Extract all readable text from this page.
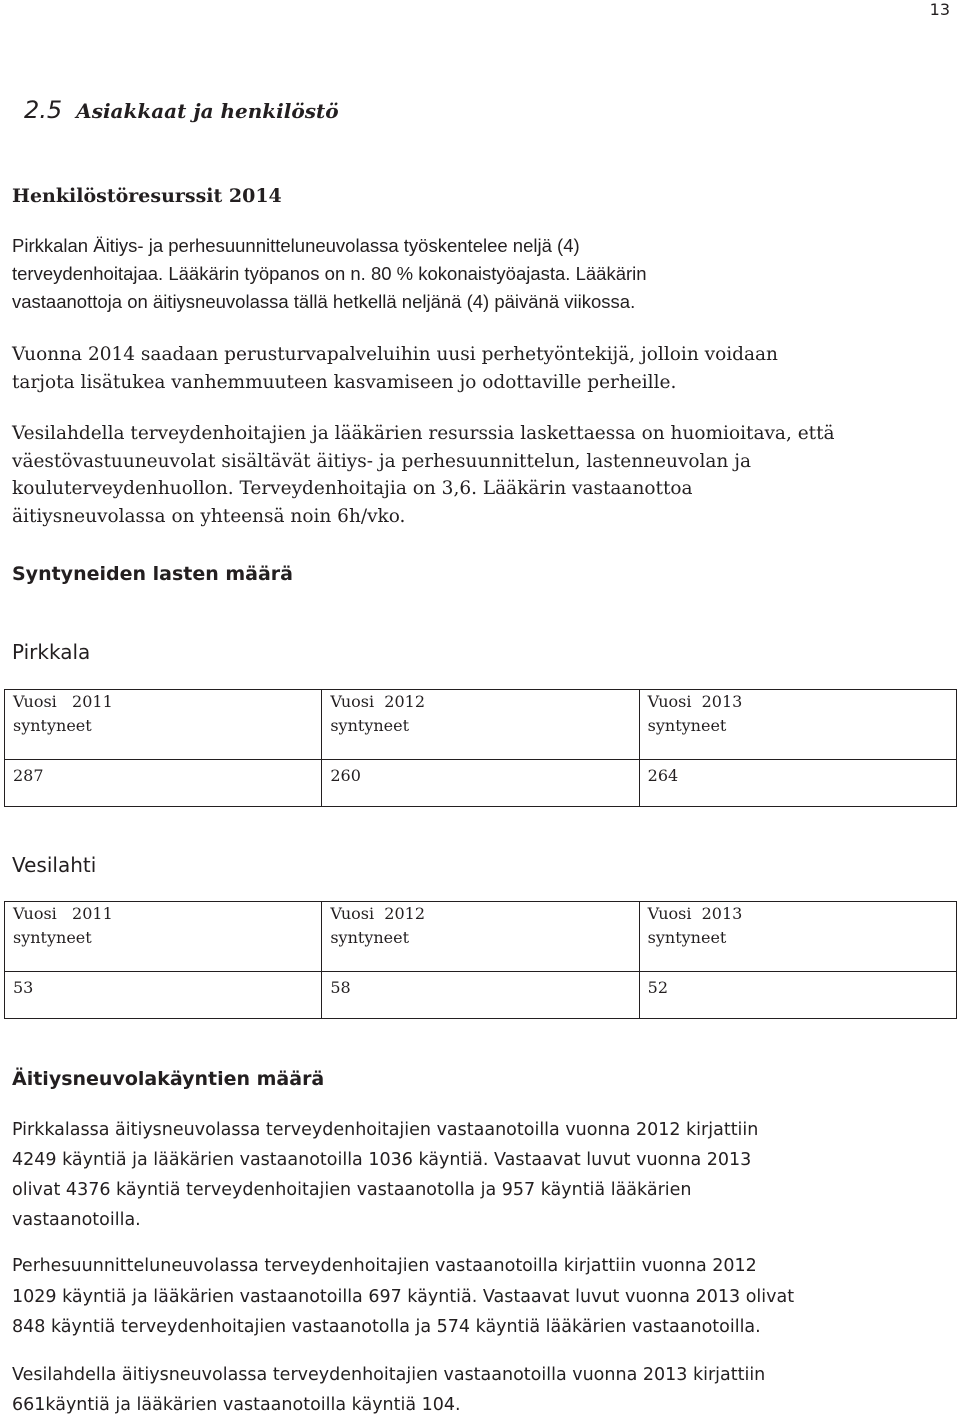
13
2.5 Asiakkaat ja henkilöstö
Henkilöstöresurssit 2014
Pirkkalan Äitiys- ja perhesuunnitteluneuvolassa työskentelee neljä (4)
terveydenhoitajaa. Lääkärin työpanos on n. 80 % kokonaistyöajasta. Lääkärin
vastaanottoja on äitiysneuvolassa tällä hetkellä neljänä (4) päivänä viikossa.
Vuonna 2014 saadaan perusturvapalveluihin uusi perhetyöntekijä, jolloin voidaan
tarjota lisätukea vanhemmuuteen kasvamiseen jo odottaville perheille.
Vesilahdella terveydenhoitajien ja lääkärien resurssia laskettaessa on huomioitava, että
väestövastuuneuvolat sisältävät äitiys- ja perhesuunnittelun, lastenneuvolan ja
kouluterveydenhuollon. Terveydenhoitajia on 3,6. Lääkärin vastaanottoa
äitiysneuvolassa on yhteensä noin 6h/vko.
Syntyneiden lasten määrä
Pirkkala
Vuosi   2011
syntyneet	Vuosi  2012
syntyneet	Vuosi  2013
syntyneet

287	260	264
Vesilahti
Vuosi   2011
syntyneet	Vuosi  2012
syntyneet	Vuosi  2013
syntyneet

53	58	52
Äitiysneuvolakäyntien määrä
Pirkkalassa äitiysneuvolassa terveydenhoitajien vastaanotoilla vuonna 2012 kirjattiin
4249 käyntiä ja lääkärien vastaanotoilla 1036 käyntiä. Vastaavat luvut vuonna 2013
olivat 4376 käyntiä terveydenhoitajien vastaanotolla ja 957 käyntiä lääkärien
vastaanotoilla.
Perhesuunnitteluneuvolassa terveydenhoitajien vastaanotoilla kirjattiin vuonna 2012
1029 käyntiä ja lääkärien vastaanotoilla 697 käyntiä. Vastaavat luvut vuonna 2013 olivat
848 käyntiä terveydenhoitajien vastaanotolla ja 574 käyntiä lääkärien vastaanotoilla.
Vesilahdella äitiysneuvolassa terveydenhoitajien vastaanotoilla vuonna 2013 kirjattiin
661käyntiä ja lääkärien vastaanotoilla käyntiä 104.
